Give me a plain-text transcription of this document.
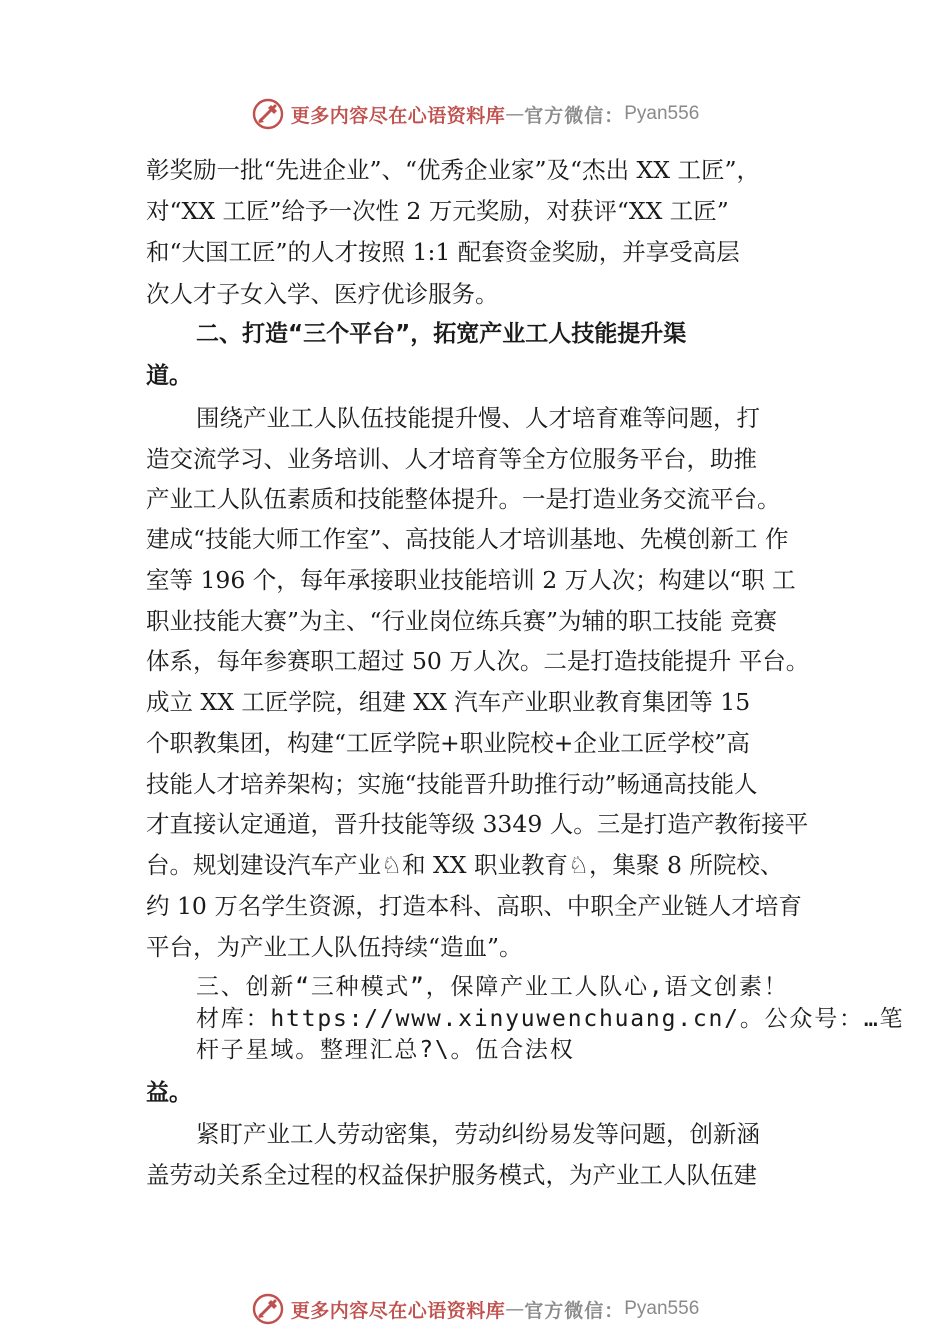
更多内容尽在心语资料库 — 官方微信： Pyan556
彰奖励一批“先进企业”、“优秀企业家”及“杰出 XX 工匠”，
对“XX 工匠”给予一次性 2 万元奖励，对获评“XX 工匠”
和“大国工匠”的人才按照 1:1 配套资金奖励，并享受高层
次人才子女入学、医疗优诊服务。
二、打造“三个平台”，拓宽产业工人技能提升渠
道。
围绕产业工人队伍技能提升慢、人才培育难等问题，打
造交流学习、业务培训、人才培育等全方位服务平台，助推
产业工人队伍素质和技能整体提升。一是打造业务交流平台。
建成“技能大师工作室”、高技能人才培训基地、先模创新工 作
室等 196 个，每年承接职业技能培训 2 万人次；构建以“职 工
职业技能大赛”为主、“行业岗位练兵赛”为辅的职工技能 竞赛
体系，每年参赛职工超过 50 万人次。二是打造技能提升 平台。
成立 XX 工匠学院，组建 XX 汽车产业职业教育集团等 15
个职教集团，构建“工匠学院+职业院校+企业工匠学校”高
技能人才培养架构；实施“技能晋升助推行动”畅通高技能人
才直接认定通道，晋升技能等级 3349 人。三是打造产教衔接平
台。规划建设汽车产业♘和 XX 职业教育♘，集聚 8 所院校、
约 10 万名学生资源，打造本科、高职、中职全产业链人才培育
平台，为产业工人队伍持续“造血”。
三、创新“三种模式”，保障产业工人队心,语文创素！
材库：https://www.xinyuwenchuang.cn/。公众号：…笔
杆子星域。整理汇总?\。伍合法权
益。
紧盯产业工人劳动密集，劳动纠纷易发等问题，创新涵
盖劳动关系全过程的权益保护服务模式，为产业工人队伍建
更多内容尽在心语资料库 — 官方微信： Pyan556
